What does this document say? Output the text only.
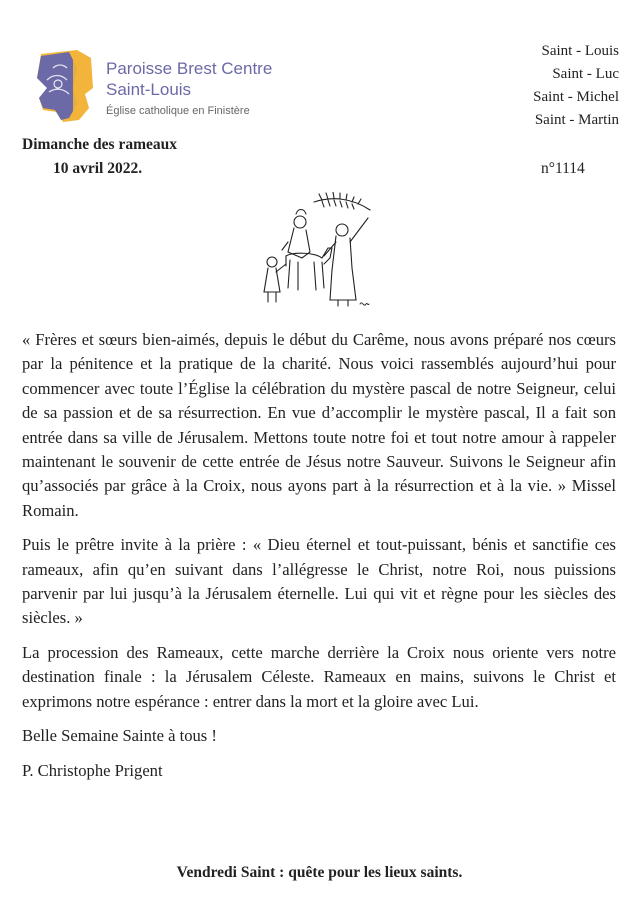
Paroisse Brest Centre
Saint-Louis
Église catholique en Finistère
Saint - Louis
Saint - Luc
Saint - Michel
Saint - Martin
Dimanche des rameaux
10 avril 2022.	n°1114

« Frères et sœurs bien-aimés, depuis le début du Carême, nous avons préparé nos cœurs par la pénitence et la pratique de la charité. Nous voici rassemblés aujourd’hui pour commencer avec toute l’Église la célébration du mystère pascal de notre Seigneur, celui de sa passion et de sa résurrection. En vue d’accomplir le mystère pascal, Il a fait son entrée dans sa ville de Jérusalem. Mettons toute notre foi et tout notre amour à rappeler maintenant le souvenir de cette entrée de Jésus notre Sauveur. Suivons le Seigneur afin qu’associés par grâce à la Croix, nous ayons part à la résurrection et à la vie. » Missel Romain.

Puis le prêtre invite à la prière : « Dieu éternel et tout-puissant, bénis et sanctifie ces rameaux, afin qu’en suivant dans l’allégresse le Christ, notre Roi, nous puissions parvenir par lui jusqu’à la Jérusalem éternelle. Lui qui vit et règne pour les siècles des siècles. »

La procession des Rameaux, cette marche derrière la Croix nous oriente vers notre destination finale : la Jérusalem Céleste. Rameaux en mains, suivons le Christ et exprimons notre espérance : entrer dans la mort et la gloire avec Lui.

Belle Semaine Sainte à tous !

P. Christophe Prigent

Vendredi Saint : quête pour les lieux saints.
